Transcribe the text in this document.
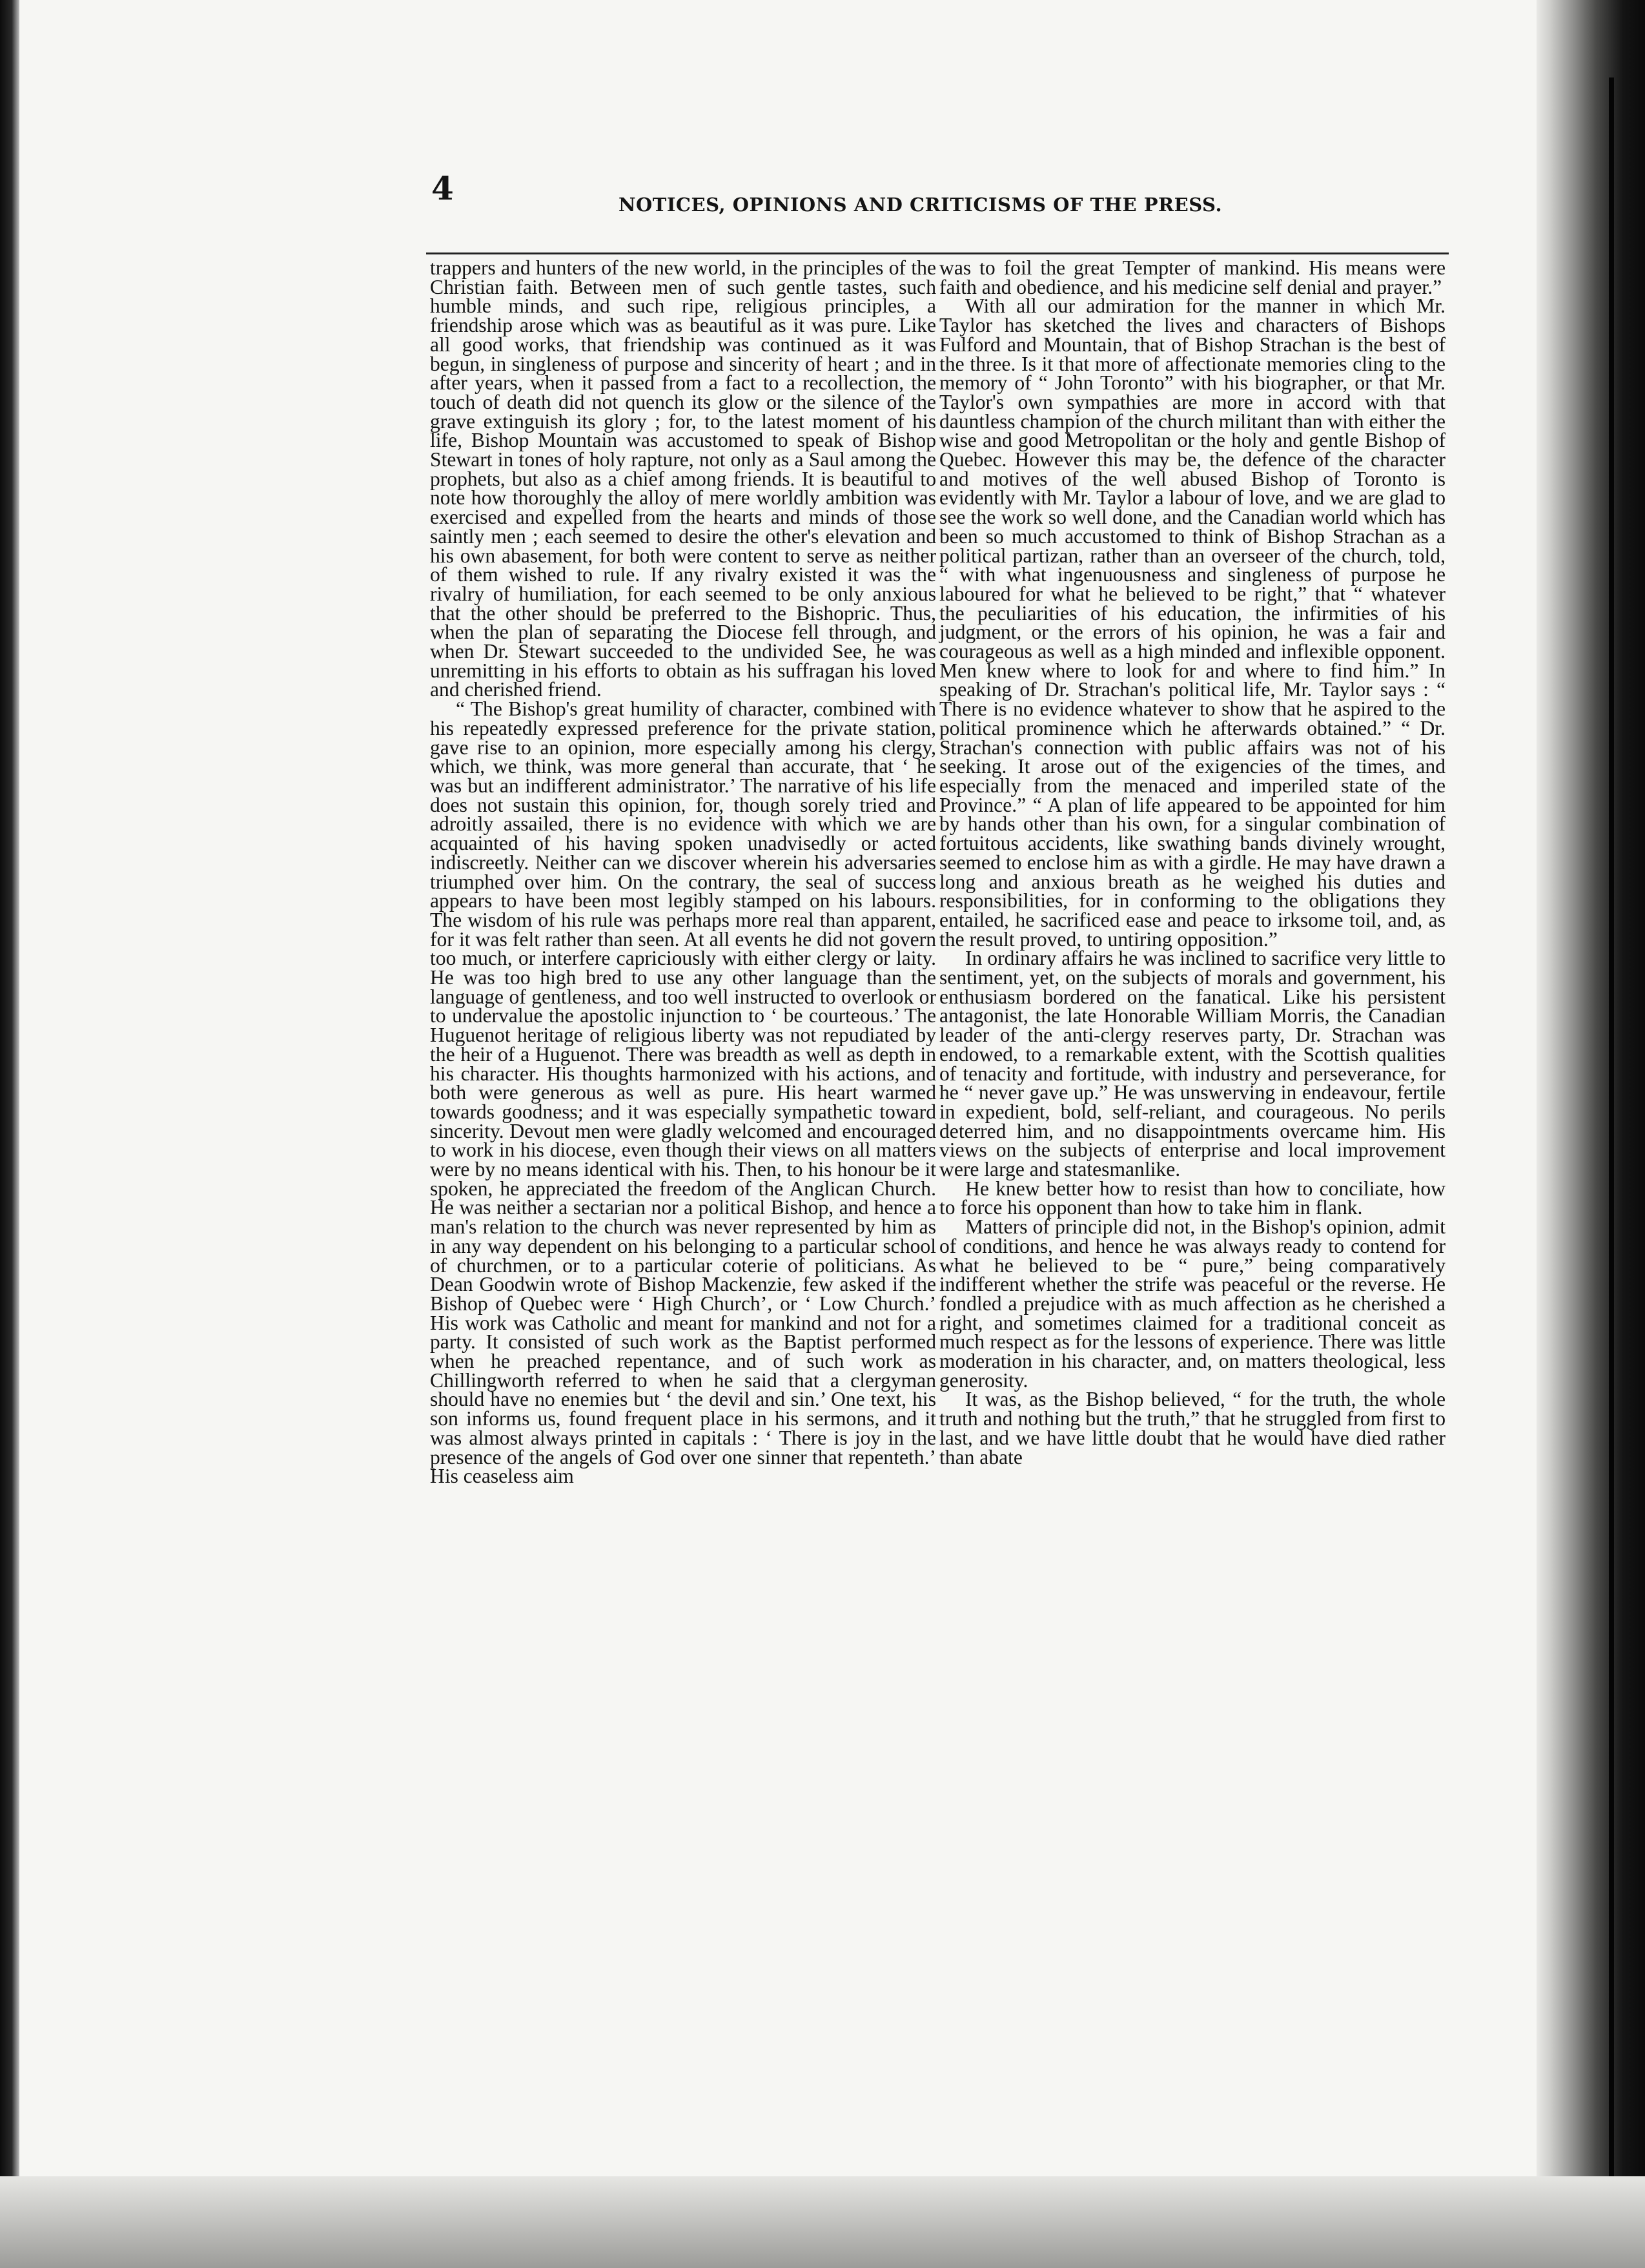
4	NOTICES, OPINIONS AND CRITICISMS OF THE PRESS.

trappers and hunters of the new world, in the principles of the Christian faith. Between men of such gentle tastes, such humble minds, and such ripe, religious principles, a friendship arose which was as beautiful as it was pure. Like all good works, that friendship was continued as it was begun, in singleness of purpose and sincerity of heart ; and in after years, when it passed from a fact to a recollection, the touch of death did not quench its glow or the silence of the grave extinguish its glory ; for, to the latest moment of his life, Bishop Mountain was accustomed to speak of Bishop Stewart in tones of holy rapture, not only as a Saul among the prophets, but also as a chief among friends. It is beautiful to note how thoroughly the alloy of mere worldly ambition was exercised and expelled from the hearts and minds of those saintly men ; each seemed to desire the other's elevation and his own abasement, for both were content to serve as neither of them wished to rule. If any rivalry existed it was the rivalry of humiliation, for each seemed to be only anxious that the other should be preferred to the Bishopric. Thus, when the plan of separating the Diocese fell through, and when Dr. Stewart succeeded to the undivided See, he was unremitting in his efforts to obtain as his suffragan his loved and cherished friend.

“ The Bishop's great humility of character, combined with his repeatedly expressed preference for the private station, gave rise to an opinion, more especially among his clergy, which, we think, was more general than accurate, that ‘ he was but an indifferent administrator.’ The narrative of his life does not sustain this opinion, for, though sorely tried and adroitly assailed, there is no evidence with which we are acquainted of his having spoken unadvisedly or acted indiscreetly. Neither can we discover wherein his adversaries triumphed over him. On the contrary, the seal of success appears to have been most legibly stamped on his labours. The wisdom of his rule was perhaps more real than apparent, for it was felt rather than seen. At all events he did not govern too much, or interfere capriciously with either clergy or laity. He was too high bred to use any other language than the language of gentleness, and too well instructed to overlook or to undervalue the apostolic injunction to ‘ be courteous.’ The Huguenot heritage of religious liberty was not repudiated by the heir of a Huguenot. There was breadth as well as depth in his character. His thoughts harmonized with his actions, and both were generous as well as pure. His heart warmed towards goodness; and it was especially sympathetic toward sincerity. Devout men were gladly welcomed and encouraged to work in his diocese, even though their views on all matters were by no means identical with his. Then, to his honour be it spoken, he appreciated the freedom of the Anglican Church. He was neither a sectarian nor a political Bishop, and hence a man's relation to the church was never represented by him as in any way dependent on his belonging to a particular school of churchmen, or to a particular coterie of politicians. As Dean Goodwin wrote of Bishop Mackenzie, few asked if the Bishop of Quebec were ‘ High Church’, or ‘ Low Church.’ His work was Catholic and meant for mankind and not for a party. It consisted of such work as the Baptist performed when he preached repentance, and of such work as Chillingworth referred to when he said that a clergyman should have no enemies but ‘ the devil and sin.’ One text, his son informs us, found frequent place in his sermons, and it was almost always printed in capitals : ‘ There is joy in the presence of the angels of God over one sinner that repenteth.’ His ceaseless aim

was to foil the great Tempter of mankind. His means were faith and obedience, and his medicine self denial and prayer.”

With all our admiration for the manner in which Mr. Taylor has sketched the lives and characters of Bishops Fulford and Mountain, that of Bishop Strachan is the best of the three. Is it that more of affectionate memories cling to the memory of “ John Toronto” with his biographer, or that Mr. Taylor's own sympathies are more in accord with that dauntless champion of the church militant than with either the wise and good Metropolitan or the holy and gentle Bishop of Quebec. However this may be, the defence of the character and motives of the well abused Bishop of Toronto is evidently with Mr. Taylor a labour of love, and we are glad to see the work so well done, and the Canadian world which has been so much accustomed to think of Bishop Strachan as a political partizan, rather than an overseer of the church, told, “ with what ingenuousness and singleness of purpose he laboured for what he believed to be right,” that “ whatever the peculiarities of his education, the infirmities of his judgment, or the errors of his opinion, he was a fair and courageous as well as a high minded and inflexible opponent. Men knew where to look for and where to find him.” In speaking of Dr. Strachan's political life, Mr. Taylor says : “ There is no evidence whatever to show that he aspired to the political prominence which he afterwards obtained.” “ Dr. Strachan's connection with public affairs was not of his seeking. It arose out of the exigencies of the times, and especially from the menaced and imperiled state of the Province.” “ A plan of life appeared to be appointed for him by hands other than his own, for a singular combination of fortuitous accidents, like swathing bands divinely wrought, seemed to enclose him as with a girdle. He may have drawn a long and anxious breath as he weighed his duties and responsibilities, for in conforming to the obligations they entailed, he sacrificed ease and peace to irksome toil, and, as the result proved, to untiring opposition.”

In ordinary affairs he was inclined to sacrifice very little to sentiment, yet, on the subjects of morals and government, his enthusiasm bordered on the fanatical. Like his persistent antagonist, the late Honorable William Morris, the Canadian leader of the anti-clergy reserves party, Dr. Strachan was endowed, to a remarkable extent, with the Scottish qualities of tenacity and fortitude, with industry and perseverance, for he “ never gave up.” He was unswerving in endeavour, fertile in expedient, bold, self-reliant, and courageous. No perils deterred him, and no disappointments overcame him. His views on the subjects of enterprise and local improvement were large and statesmanlike.

He knew better how to resist than how to conciliate, how to force his opponent than how to take him in flank.

Matters of principle did not, in the Bishop's opinion, admit of conditions, and hence he was always ready to contend for what he believed to be “ pure,” being comparatively indifferent whether the strife was peaceful or the reverse. He fondled a prejudice with as much affection as he cherished a right, and sometimes claimed for a traditional conceit as much respect as for the lessons of experience. There was little moderation in his character, and, on matters theological, less generosity.

It was, as the Bishop believed, “ for the truth, the whole truth and nothing but the truth,” that he struggled from first to last, and we have little doubt that he would have died rather than abate
